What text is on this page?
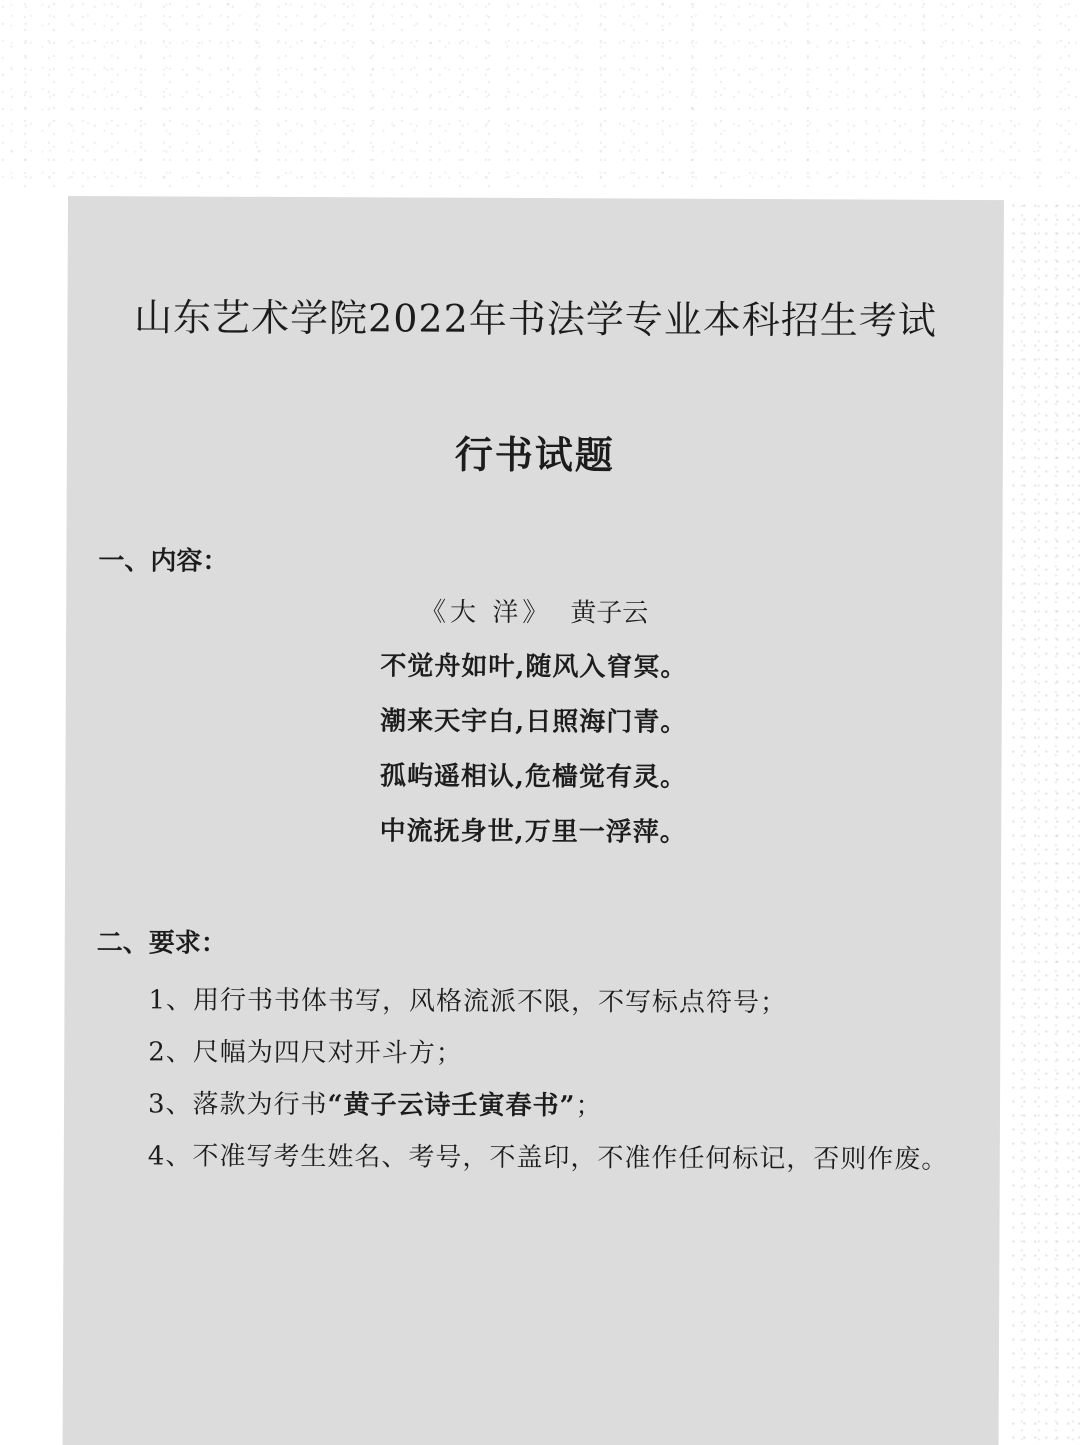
山东艺术学院2022年书法学专业本科招生考试
行书试题
一、内容：
《大 洋》 黄子云
不觉舟如叶,随风入窅冥。
潮来天宇白,日照海门青。
孤屿遥相认,危樯觉有灵。
中流抚身世,万里一浮萍。
二、要求：
1、用行书书体书写，风格流派不限，不写标点符号；
2、尺幅为四尺对开斗方；
3、落款为行书“黄子云诗壬寅春书”；
4、不准写考生姓名、考号，不盖印，不准作任何标记，否则作废。
